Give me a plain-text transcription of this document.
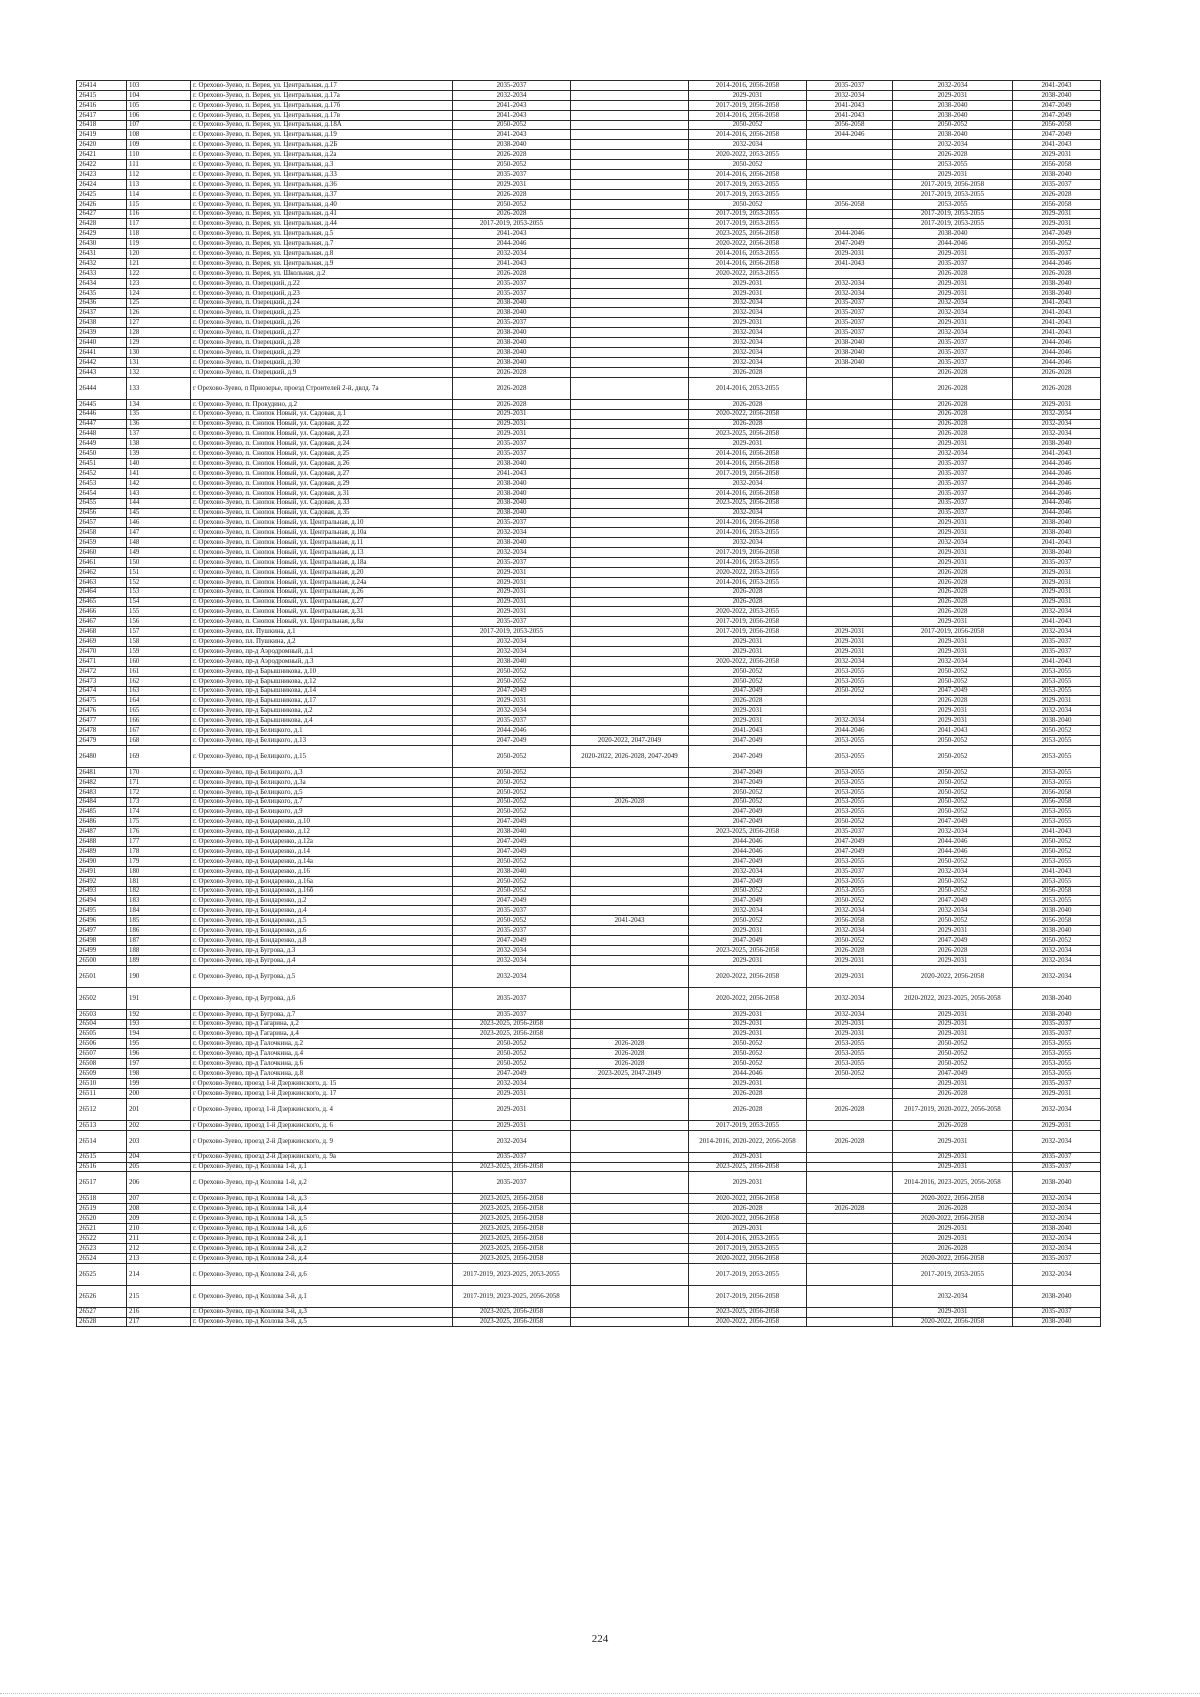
26414	103	г. Орехово-Зуево, п. Верея, ул. Центральная, д.17	2035-2037		2014-2016, 2056-2058	2035-2037	2032-2034	2041-2043
26415	104	г. Орехово-Зуево, п. Верея, ул. Центральная, д.17а	2032-2034		2029-2031	2032-2034	2029-2031	2038-2040
26416	105	г. Орехово-Зуево, п. Верея, ул. Центральная, д.17б	2041-2043		2017-2019, 2056-2058	2041-2043	2038-2040	2047-2049
26417	106	г. Орехово-Зуево, п. Верея, ул. Центральная, д.17в	2041-2043		2014-2016, 2056-2058	2041-2043	2038-2040	2047-2049
26418	107	г. Орехово-Зуево, п. Верея, ул. Центральная, д.18А	2050-2052		2050-2052	2056-2058	2050-2052	2056-2058
26419	108	г. Орехово-Зуево, п. Верея, ул. Центральная, д.19	2041-2043		2014-2016, 2056-2058	2044-2046	2038-2040	2047-2049
26420	109	г. Орехово-Зуево, п. Верея, ул. Центральная, д.2Б	2038-2040		2032-2034		2032-2034	2041-2043
26421	110	г. Орехово-Зуево, п. Верея, ул. Центральная, д.2а	2026-2028		2020-2022, 2053-2055		2026-2028	2029-2031
26422	111	г. Орехово-Зуево, п. Верея, ул. Центральная, д.3	2050-2052		2050-2052		2053-2055	2056-2058
26423	112	г. Орехово-Зуево, п. Верея, ул. Центральная, д.33	2035-2037		2014-2016, 2056-2058		2029-2031	2038-2040
26424	113	г. Орехово-Зуево, п. Верея, ул. Центральная, д.36	2029-2031		2017-2019, 2053-2055		2017-2019, 2056-2058	2035-2037
26425	114	г. Орехово-Зуево, п. Верея, ул. Центральная, д.37	2026-2028		2017-2019, 2053-2055		2017-2019, 2053-2055	2026-2028
26426	115	г. Орехово-Зуево, п. Верея, ул. Центральная, д.40	2050-2052		2050-2052	2056-2058	2053-2055	2056-2058
26427	116	г. Орехово-Зуево, п. Верея, ул. Центральная, д.41	2026-2028		2017-2019, 2053-2055		2017-2019, 2053-2055	2029-2031
26428	117	г. Орехово-Зуево, п. Верея, ул. Центральная, д.44	2017-2019, 2053-2055		2017-2019, 2053-2055		2017-2019, 2053-2055	2029-2031
26429	118	г. Орехово-Зуево, п. Верея, ул. Центральная, д.5	2041-2043		2023-2025, 2056-2058	2044-2046	2038-2040	2047-2049
26430	119	г. Орехово-Зуево, п. Верея, ул. Центральная, д.7	2044-2046		2020-2022, 2056-2058	2047-2049	2044-2046	2050-2052
26431	120	г. Орехово-Зуево, п. Верея, ул. Центральная, д.8	2032-2034		2014-2016, 2053-2055	2029-2031	2029-2031	2035-2037
26432	121	г. Орехово-Зуево, п. Верея, ул. Центральная, д.9	2041-2043		2014-2016, 2056-2058	2041-2043	2035-2037	2044-2046
26433	122	г. Орехово-Зуево, п. Верея, ул. Школьная, д.2	2026-2028		2020-2022, 2053-2055		2026-2028	2026-2028
26434	123	г. Орехово-Зуево, п. Озерецкий, д.22	2035-2037		2029-2031	2032-2034	2029-2031	2038-2040
26435	124	г. Орехово-Зуево, п. Озерецкий, д.23	2035-2037		2029-2031	2032-2034	2029-2031	2038-2040
26436	125	г. Орехово-Зуево, п. Озерецкий, д.24	2038-2040		2032-2034	2035-2037	2032-2034	2041-2043
26437	126	г. Орехово-Зуево, п. Озерецкий, д.25	2038-2040		2032-2034	2035-2037	2032-2034	2041-2043
26438	127	г. Орехово-Зуево, п. Озерецкий, д.26	2035-2037		2029-2031	2035-2037	2029-2031	2041-2043
26439	128	г. Орехово-Зуево, п. Озерецкий, д.27	2038-2040		2032-2034	2035-2037	2032-2034	2041-2043
26440	129	г. Орехово-Зуево, п. Озерецкий, д.28	2038-2040		2032-2034	2038-2040	2035-2037	2044-2046
26441	130	г. Орехово-Зуево, п. Озерецкий, д.29	2038-2040		2032-2034	2038-2040	2035-2037	2044-2046
26442	131	г. Орехово-Зуево, п. Озерецкий, д.30	2038-2040		2032-2034	2038-2040	2035-2037	2044-2046
26443	132	г. Орехово-Зуево, п. Озерецкий, д.9	2026-2028		2026-2028		2026-2028	2026-2028
26444	133	г Орехово-Зуево, п Приозерье, проезд Строителей 2-й, двлд. 7а	2026-2028		2014-2016, 2053-2055		2026-2028	2026-2028
26445	134	г. Орехово-Зуево, п. Прокудино, д.2	2026-2028		2026-2028		2026-2028	2029-2031
26446	135	г. Орехово-Зуево, п. Снопок Новый, ул. Садовая, д.1	2029-2031		2020-2022, 2056-2058		2026-2028	2032-2034
26447	136	г. Орехово-Зуево, п. Снопок Новый, ул. Садовая, д.22	2029-2031		2026-2028		2026-2028	2032-2034
26448	137	г. Орехово-Зуево, п. Снопок Новый, ул. Садовая, д.23	2029-2031		2023-2025, 2056-2058		2026-2028	2032-2034
26449	138	г. Орехово-Зуево, п. Снопок Новый, ул. Садовая, д.24	2035-2037		2029-2031		2029-2031	2038-2040
26450	139	г. Орехово-Зуево, п. Снопок Новый, ул. Садовая, д.25	2035-2037		2014-2016, 2056-2058		2032-2034	2041-2043
26451	140	г. Орехово-Зуево, п. Снопок Новый, ул. Садовая, д.26	2038-2040		2014-2016, 2056-2058		2035-2037	2044-2046
26452	141	г. Орехово-Зуево, п. Снопок Новый, ул. Садовая, д.27	2041-2043		2017-2019, 2056-2058		2035-2037	2044-2046
26453	142	г. Орехово-Зуево, п. Снопок Новый, ул. Садовая, д.29	2038-2040		2032-2034		2035-2037	2044-2046
26454	143	г. Орехово-Зуево, п. Снопок Новый, ул. Садовая, д.31	2038-2040		2014-2016, 2056-2058		2035-2037	2044-2046
26455	144	г. Орехово-Зуево, п. Снопок Новый, ул. Садовая, д.33	2038-2040		2023-2025, 2056-2058		2035-2037	2044-2046
26456	145	г. Орехово-Зуево, п. Снопок Новый, ул. Садовая, д.35	2038-2040		2032-2034		2035-2037	2044-2046
26457	146	г. Орехово-Зуево, п. Снопок Новый, ул. Центральная, д.10	2035-2037		2014-2016, 2056-2058		2029-2031	2038-2040
26458	147	г. Орехово-Зуево, п. Снопок Новый, ул. Центральная, д.10а	2032-2034		2014-2016, 2053-2055		2029-2031	2038-2040
26459	148	г. Орехово-Зуево, п. Снопок Новый, ул. Центральная, д.11	2038-2040		2032-2034		2032-2034	2041-2043
26460	149	г. Орехово-Зуево, п. Снопок Новый, ул. Центральная, д.13	2032-2034		2017-2019, 2056-2058		2029-2031	2038-2040
26461	150	г. Орехово-Зуево, п. Снопок Новый, ул. Центральная, д.18а	2035-2037		2014-2016, 2053-2055		2029-2031	2035-2037
26462	151	г. Орехово-Зуево, п. Снопок Новый, ул. Центральная, д.20	2029-2031		2020-2022, 2053-2055		2026-2028	2029-2031
26463	152	г. Орехово-Зуево, п. Снопок Новый, ул. Центральная, д.24а	2029-2031		2014-2016, 2053-2055		2026-2028	2029-2031
26464	153	г. Орехово-Зуево, п. Снопок Новый, ул. Центральная, д.26	2029-2031		2026-2028		2026-2028	2029-2031
26465	154	г. Орехово-Зуево, п. Снопок Новый, ул. Центральная, д.27	2029-2031		2026-2028		2026-2028	2029-2031
26466	155	г. Орехово-Зуево, п. Снопок Новый, ул. Центральная, д.31	2029-2031		2020-2022, 2053-2055		2026-2028	2032-2034
26467	156	г. Орехово-Зуево, п. Снопок Новый, ул. Центральная, д.8а	2035-2037		2017-2019, 2056-2058		2029-2031	2041-2043
26468	157	г. Орехово-Зуево, пл. Пушкина, д.1	2017-2019, 2053-2055		2017-2019, 2056-2058	2029-2031	2017-2019, 2056-2058	2032-2034
26469	158	г. Орехово-Зуево, пл. Пушкина, д.2	2032-2034		2029-2031	2029-2031	2029-2031	2035-2037
26470	159	г. Орехово-Зуево, пр-д Аэродромный, д.1	2032-2034		2029-2031	2029-2031	2029-2031	2035-2037
26471	160	г. Орехово-Зуево, пр-д Аэродромный, д.3	2038-2040		2020-2022, 2056-2058	2032-2034	2032-2034	2041-2043
26472	161	г. Орехово-Зуево, пр-д Барышникова, д.10	2050-2052		2050-2052	2053-2055	2050-2052	2053-2055
26473	162	г. Орехово-Зуево, пр-д Барышникова, д.12	2050-2052		2050-2052	2053-2055	2050-2052	2053-2055
26474	163	г. Орехово-Зуево, пр-д Барышникова, д.14	2047-2049		2047-2049	2050-2052	2047-2049	2053-2055
26475	164	г. Орехово-Зуево, пр-д Барышникова, д.17	2029-2031		2026-2028		2026-2028	2029-2031
26476	165	г. Орехово-Зуево, пр-д Барышникова, д.2	2032-2034		2029-2031		2029-2031	2032-2034
26477	166	г. Орехово-Зуево, пр-д Барышникова, д.4	2035-2037		2029-2031	2032-2034	2029-2031	2038-2040
26478	167	г. Орехово-Зуево, пр-д Белицкого, д.1	2044-2046		2041-2043	2044-2046	2041-2043	2050-2052
26479	168	г. Орехово-Зуево, пр-д Белицкого, д.13	2047-2049	2020-2022, 2047-2049	2047-2049	2053-2055	2050-2052	2053-2055
26480	169	г. Орехово-Зуево, пр-д Белицкого, д.15	2050-2052	2020-2022, 2026-2028, 2047-2049	2047-2049	2053-2055	2050-2052	2053-2055
26481	170	г. Орехово-Зуево, пр-д Белицкого, д.3	2050-2052		2047-2049	2053-2055	2050-2052	2053-2055
26482	171	г. Орехово-Зуево, пр-д Белицкого, д.3а	2050-2052		2047-2049	2053-2055	2050-2052	2053-2055
26483	172	г. Орехово-Зуево, пр-д Белицкого, д.5	2050-2052		2050-2052	2053-2055	2050-2052	2056-2058
26484	173	г. Орехово-Зуево, пр-д Белицкого, д.7	2050-2052	2026-2028	2050-2052	2053-2055	2050-2052	2056-2058
26485	174	г. Орехово-Зуево, пр-д Белицкого, д.9	2050-2052		2047-2049	2053-2055	2050-2052	2053-2055
26486	175	г. Орехово-Зуево, пр-д Бондаренко, д.10	2047-2049		2047-2049	2050-2052	2047-2049	2053-2055
26487	176	г. Орехово-Зуево, пр-д Бондаренко, д.12	2038-2040		2023-2025, 2056-2058	2035-2037	2032-2034	2041-2043
26488	177	г. Орехово-Зуево, пр-д Бондаренко, д.12а	2047-2049		2044-2046	2047-2049	2044-2046	2050-2052
26489	178	г. Орехово-Зуево, пр-д Бондаренко, д.14	2047-2049		2044-2046	2047-2049	2044-2046	2050-2052
26490	179	г. Орехово-Зуево, пр-д Бондаренко, д.14а	2050-2052		2047-2049	2053-2055	2050-2052	2053-2055
26491	180	г. Орехово-Зуево, пр-д Бондаренко, д.16	2038-2040		2032-2034	2035-2037	2032-2034	2041-2043
26492	181	г. Орехово-Зуево, пр-д Бондаренко, д.16а	2050-2052		2047-2049	2053-2055	2050-2052	2053-2055
26493	182	г. Орехово-Зуево, пр-д Бондаренко, д.16б	2050-2052		2050-2052	2053-2055	2050-2052	2056-2058
26494	183	г. Орехово-Зуево, пр-д Бондаренко, д.2	2047-2049		2047-2049	2050-2052	2047-2049	2053-2055
26495	184	г. Орехово-Зуево, пр-д Бондаренко, д.4	2035-2037		2032-2034	2032-2034	2032-2034	2038-2040
26496	185	г. Орехово-Зуево, пр-д Бондаренко, д.5	2050-2052	2041-2043	2050-2052	2056-2058	2050-2052	2056-2058
26497	186	г. Орехово-Зуево, пр-д Бондаренко, д.6	2035-2037		2029-2031	2032-2034	2029-2031	2038-2040
26498	187	г. Орехово-Зуево, пр-д Бондаренко, д.8	2047-2049		2047-2049	2050-2052	2047-2049	2050-2052
26499	188	г. Орехово-Зуево, пр-д Бугрова, д.3	2032-2034		2023-2025, 2056-2058	2026-2028	2026-2028	2032-2034
26500	189	г. Орехово-Зуево, пр-д Бугрова, д.4	2032-2034		2029-2031	2029-2031	2029-2031	2032-2034
26501	190	г. Орехово-Зуево, пр-д Бугрова, д.5	2032-2034		2020-2022, 2056-2058	2029-2031	2020-2022, 2056-2058	2032-2034
26502	191	г. Орехово-Зуево, пр-д Бугрова, д.6	2035-2037		2020-2022, 2056-2058	2032-2034	2020-2022, 2023-2025, 2056-2058	2038-2040
26503	192	г. Орехово-Зуево, пр-д Бугрова, д.7	2035-2037		2029-2031	2032-2034	2029-2031	2038-2040
26504	193	г. Орехово-Зуево, пр-д Гагарина, д.2	2023-2025, 2056-2058		2029-2031	2029-2031	2029-2031	2035-2037
26505	194	г. Орехово-Зуево, пр-д Гагарина, д.4	2023-2025, 2056-2058		2029-2031	2029-2031	2029-2031	2035-2037
26506	195	г. Орехово-Зуево, пр-д Галочкина, д.2	2050-2052	2026-2028	2050-2052	2053-2055	2050-2052	2053-2055
26507	196	г. Орехово-Зуево, пр-д Галочкина, д.4	2050-2052	2026-2028	2050-2052	2053-2055	2050-2052	2053-2055
26508	197	г. Орехово-Зуево, пр-д Галочкина, д.6	2050-2052	2026-2028	2050-2052	2053-2055	2050-2052	2053-2055
26509	198	г. Орехово-Зуево, пр-д Галочкина, д.8	2047-2049	2023-2025, 2047-2049	2044-2046	2050-2052	2047-2049	2053-2055
26510	199	г Орехово-Зуево, проезд 1-й Дзержинского, д. 15	2032-2034		2029-2031		2029-2031	2035-2037
26511	200	г Орехово-Зуево, проезд 1-й Дзержинского, д. 17	2029-2031		2026-2028		2026-2028	2029-2031
26512	201	г Орехово-Зуево, проезд 1-й Дзержинского, д. 4	2029-2031		2026-2028	2026-2028	2017-2019, 2020-2022, 2056-2058	2032-2034
26513	202	г Орехово-Зуево, проезд 1-й Дзержинского, д. 6	2029-2031		2017-2019, 2053-2055		2026-2028	2029-2031
26514	203	г Орехово-Зуево, проезд 2-й Дзержинского, д. 9	2032-2034		2014-2016, 2020-2022, 2056-2058	2026-2028	2029-2031	2032-2034
26515	204	г Орехово-Зуево, проезд 2-й Дзержинского, д. 9а	2035-2037		2029-2031		2029-2031	2035-2037
26516	205	г. Орехово-Зуево, пр-д Козлова 1-й, д.1	2023-2025, 2056-2058		2023-2025, 2056-2058		2029-2031	2035-2037
26517	206	г. Орехово-Зуево, пр-д Козлова 1-й, д.2	2035-2037		2029-2031		2014-2016, 2023-2025, 2056-2058	2038-2040
26518	207	г. Орехово-Зуево, пр-д Козлова 1-й, д.3	2023-2025, 2056-2058		2020-2022, 2056-2058		2020-2022, 2056-2058	2032-2034
26519	208	г. Орехово-Зуево, пр-д Козлова 1-й, д.4	2023-2025, 2056-2058		2026-2028	2026-2028	2026-2028	2032-2034
26520	209	г. Орехово-Зуево, пр-д Козлова 1-й, д.5	2023-2025, 2056-2058		2020-2022, 2056-2058		2020-2022, 2056-2058	2032-2034
26521	210	г. Орехово-Зуево, пр-д Козлова 1-й, д.6	2023-2025, 2056-2058		2029-2031		2029-2031	2038-2040
26522	211	г. Орехово-Зуево, пр-д Козлова 2-й, д.1	2023-2025, 2056-2058		2014-2016, 2053-2055		2029-2031	2032-2034
26523	212	г. Орехово-Зуево, пр-д Козлова 2-й, д.2	2023-2025, 2056-2058		2017-2019, 2053-2055		2026-2028	2032-2034
26524	213	г. Орехово-Зуево, пр-д Козлова 2-й, д.4	2023-2025, 2056-2058		2020-2022, 2056-2058		2020-2022, 2056-2058	2035-2037
26525	214	г. Орехово-Зуево, пр-д Козлова 2-й, д.6	2017-2019, 2023-2025, 2053-2055		2017-2019, 2053-2055		2017-2019, 2053-2055	2032-2034
26526	215	г. Орехово-Зуево, пр-д Козлова 3-й, д.1	2017-2019, 2023-2025, 2056-2058		2017-2019, 2056-2058		2032-2034	2038-2040
26527	216	г. Орехово-Зуево, пр-д Козлова 3-й, д.3	2023-2025, 2056-2058		2023-2025, 2056-2058		2029-2031	2035-2037
26528	217	г. Орехово-Зуево, пр-д Козлова 3-й, д.5	2023-2025, 2056-2058		2020-2022, 2056-2058		2020-2022, 2056-2058	2038-2040
224
